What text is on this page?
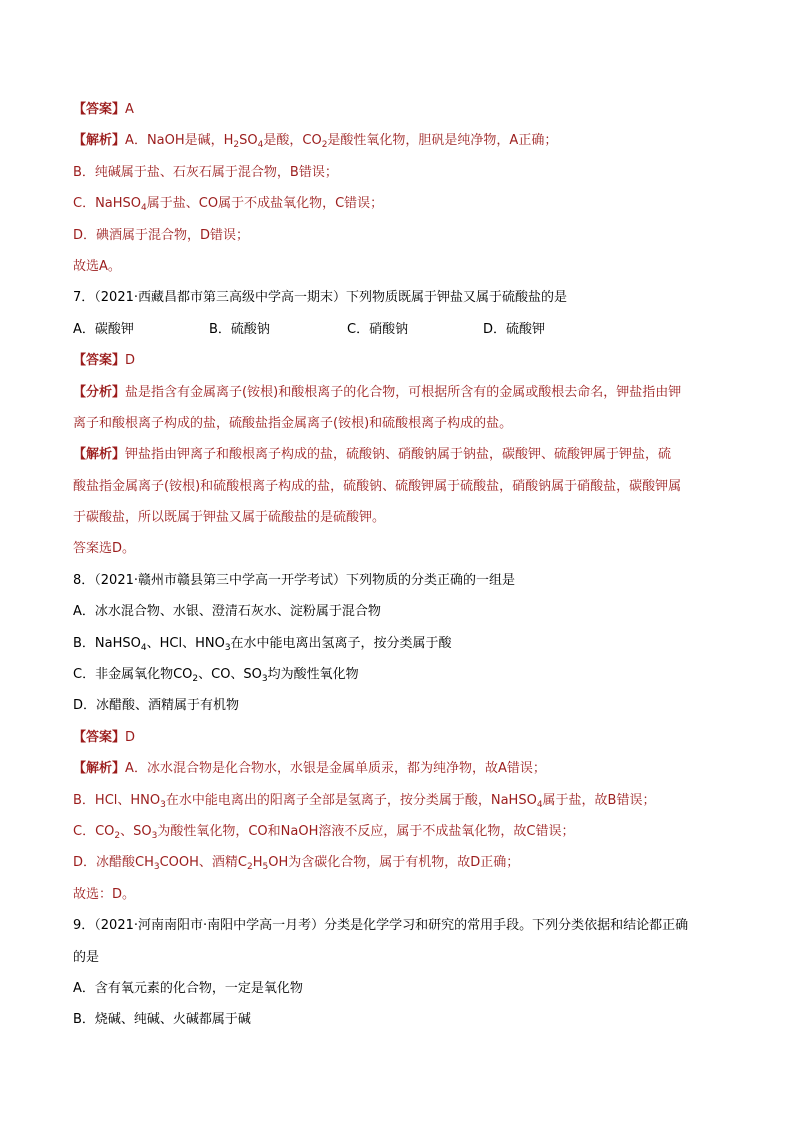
【答案】A
【解析】A．NaOH是碱，$H_2SO_4$是酸，$CO_2$是酸性氧化物，胆矾是纯净物，A正确；
B．纯碱属于盐、石灰石属于混合物，B错误；
C．NaHSO$_4$属于盐、CO属于不成盐氧化物，C错误；
D．碘酒属于混合物，D错误；
故选A。
7．（2021·西藏昌都市第三高级中学高一期末）下列物质既属于钾盐又属于硫酸盐的是
A．碳酸钾	B．硫酸钠	C．硝酸钠	D．硫酸钾
【答案】D
【分析】盐是指含有金属离子(铵根)和酸根离子的化合物，可根据所含有的金属或酸根去命名，钾盐指由钾
离子和酸根离子构成的盐，硫酸盐指金属离子(铵根)和硫酸根离子构成的盐。
【解析】钾盐指由钾离子和酸根离子构成的盐，硫酸钠、硝酸钠属于钠盐，碳酸钾、硫酸钾属于钾盐，硫
酸盐指金属离子(铵根)和硫酸根离子构成的盐，硫酸钠、硫酸钾属于硫酸盐，硝酸钠属于硝酸盐，碳酸钾属
于碳酸盐，所以既属于钾盐又属于硫酸盐的是硫酸钾。
答案选D。
8．（2021·赣州市赣县第三中学高一开学考试）下列物质的分类正确的一组是
A．冰水混合物、水银、澄清石灰水、淀粉属于混合物
B．NaHSO$_4$、HCl、$HNO_3$在水中能电离出氢离子，按分类属于酸
C．非金属氧化物$CO_2$、CO、$SO_3$均为酸性氧化物
D．冰醋酸、酒精属于有机物
【答案】D
【解析】A．冰水混合物是化合物水，水银是金属单质汞，都为纯净物，故A错误；
B．HCl、$HNO_3$在水中能电离出的阳离子全部是氢离子，按分类属于酸，NaHSO$_4$属于盐，故B错误；
C．$CO_2$、$SO_3$为酸性氧化物，CO和NaOH溶液不反应，属于不成盐氧化物，故C错误；
D．冰醋酸$CH_3COOH$、酒精$C_2H_5OH$为含碳化合物，属于有机物，故D正确；
故选：D。
9．（2021·河南南阳市·南阳中学高一月考）分类是化学学习和研究的常用手段。下列分类依据和结论都正确
的是
A．含有氧元素的化合物，一定是氧化物
B．烧碱、纯碱、火碱都属于碱
